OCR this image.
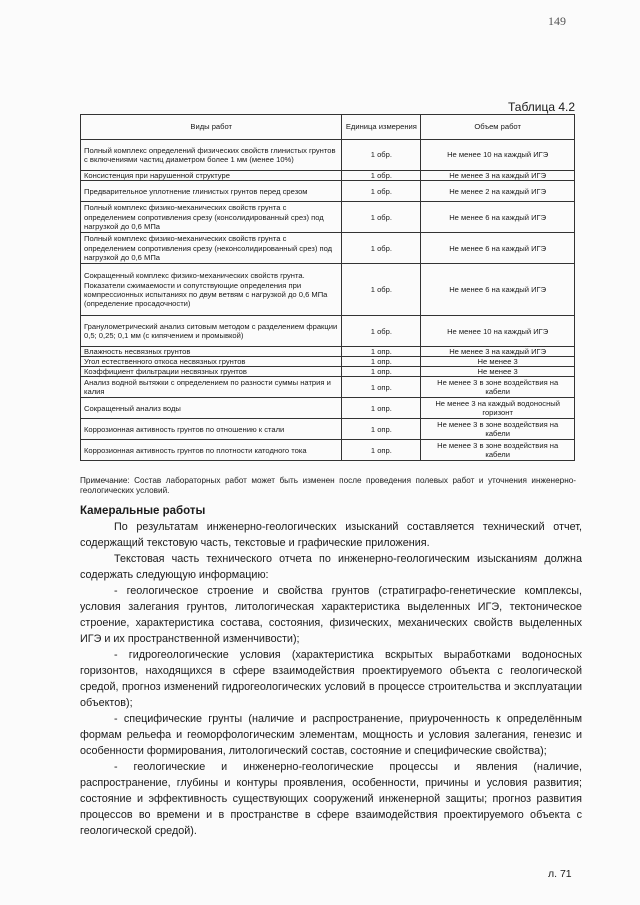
149
Таблица 4.2
Виды работ	Единица измерения	Объем работ
Полный комплекс определений физических свойств глинистых грунтов с включениями частиц диаметром более 1 мм (менее 10%)	1 обр.	Не менее 10 на каждый ИГЭ
Консистенция при нарушенной структуре	1 обр.	Не менее 3 на каждый ИГЭ
Предварительное уплотнение глинистых грунтов перед срезом	1 обр.	Не менее 2 на каждый ИГЭ
Полный комплекс физико-механических свойств грунта с определением сопротивления срезу (консолидированный срез) под нагрузкой до 0,6 МПа	1 обр.	Не менее 6 на каждый ИГЭ
Полный комплекс физико-механических свойств грунта с определением сопротивления срезу (неконсолидированный срез) под нагрузкой до 0,6 МПа	1 обр.	Не менее 6 на каждый ИГЭ
Сокращенный комплекс физико-механических свойств грунта. Показатели сжимаемости и сопутствующие определения при компрессионных испытаниях по двум ветвям с нагрузкой до 0,6 МПа (определение просадочности)	1 обр.	Не менее 6 на каждый ИГЭ
Гранулометрический анализ ситовым методом с разделением фракции 0,5; 0,25; 0,1 мм (с кипячением и промывкой)	1 обр.	Не менее 10 на каждый ИГЭ
Влажность несвязных грунтов	1 опр.	Не менее 3 на каждый ИГЭ
Угол естественного откоса несвязных грунтов	1 опр.	Не менее 3
Коэффициент фильтрации несвязных грунтов	1 опр.	Не менее 3
Анализ водной вытяжки с определением по разности суммы натрия и калия	1 опр.	Не менее 3 в зоне воздействия на кабели
Сокращенный анализ воды	1 опр.	Не менее 3 на каждый водоносный горизонт
Коррозионная активность грунтов по отношению к стали	1 опр.	Не менее 3 в зоне воздействия на кабели
Коррозионная активность грунтов по плотности катодного тока	1 опр.	Не менее 3 в зоне воздействия на кабели
Примечание: Состав лабораторных работ может быть изменен после проведения полевых работ и уточнения инженерно-геологических условий.
Камеральные работы

По результатам инженерно-геологических изысканий составляется технический отчет, содержащий текстовую часть, текстовые и графические приложения.

Текстовая часть технического отчета по инженерно-геологическим изысканиям должна содержать следующую информацию:

- геологическое строение и свойства грунтов (стратиграфо-генетические комплексы, условия залегания грунтов, литологическая характеристика выделенных ИГЭ, тектоническое строение, характеристика состава, состояния, физических, механических свойств выделенных ИГЭ и их пространственной изменчивости);

- гидрогеологические условия (характеристика вскрытых выработками водоносных горизонтов, находящихся в сфере взаимодействия проектируемого объекта с геологической средой, прогноз изменений гидрогеологических условий в процессе строительства и эксплуатации объектов);

- специфические грунты (наличие и распространение, приуроченность к определённым формам рельефа и геоморфологическим элементам, мощность и условия залегания, генезис и особенности формирования, литологический состав, состояние и специфические свойства);

- геологические и инженерно-геологические процессы и явления (наличие, распространение, глубины и контуры проявления, особенности, причины и условия развития; состояние и эффективность существующих сооружений инженерной защиты; прогноз развития процессов во времени и в пространстве в сфере взаимодействия проектируемого объекта с геологической средой).

л. 71
